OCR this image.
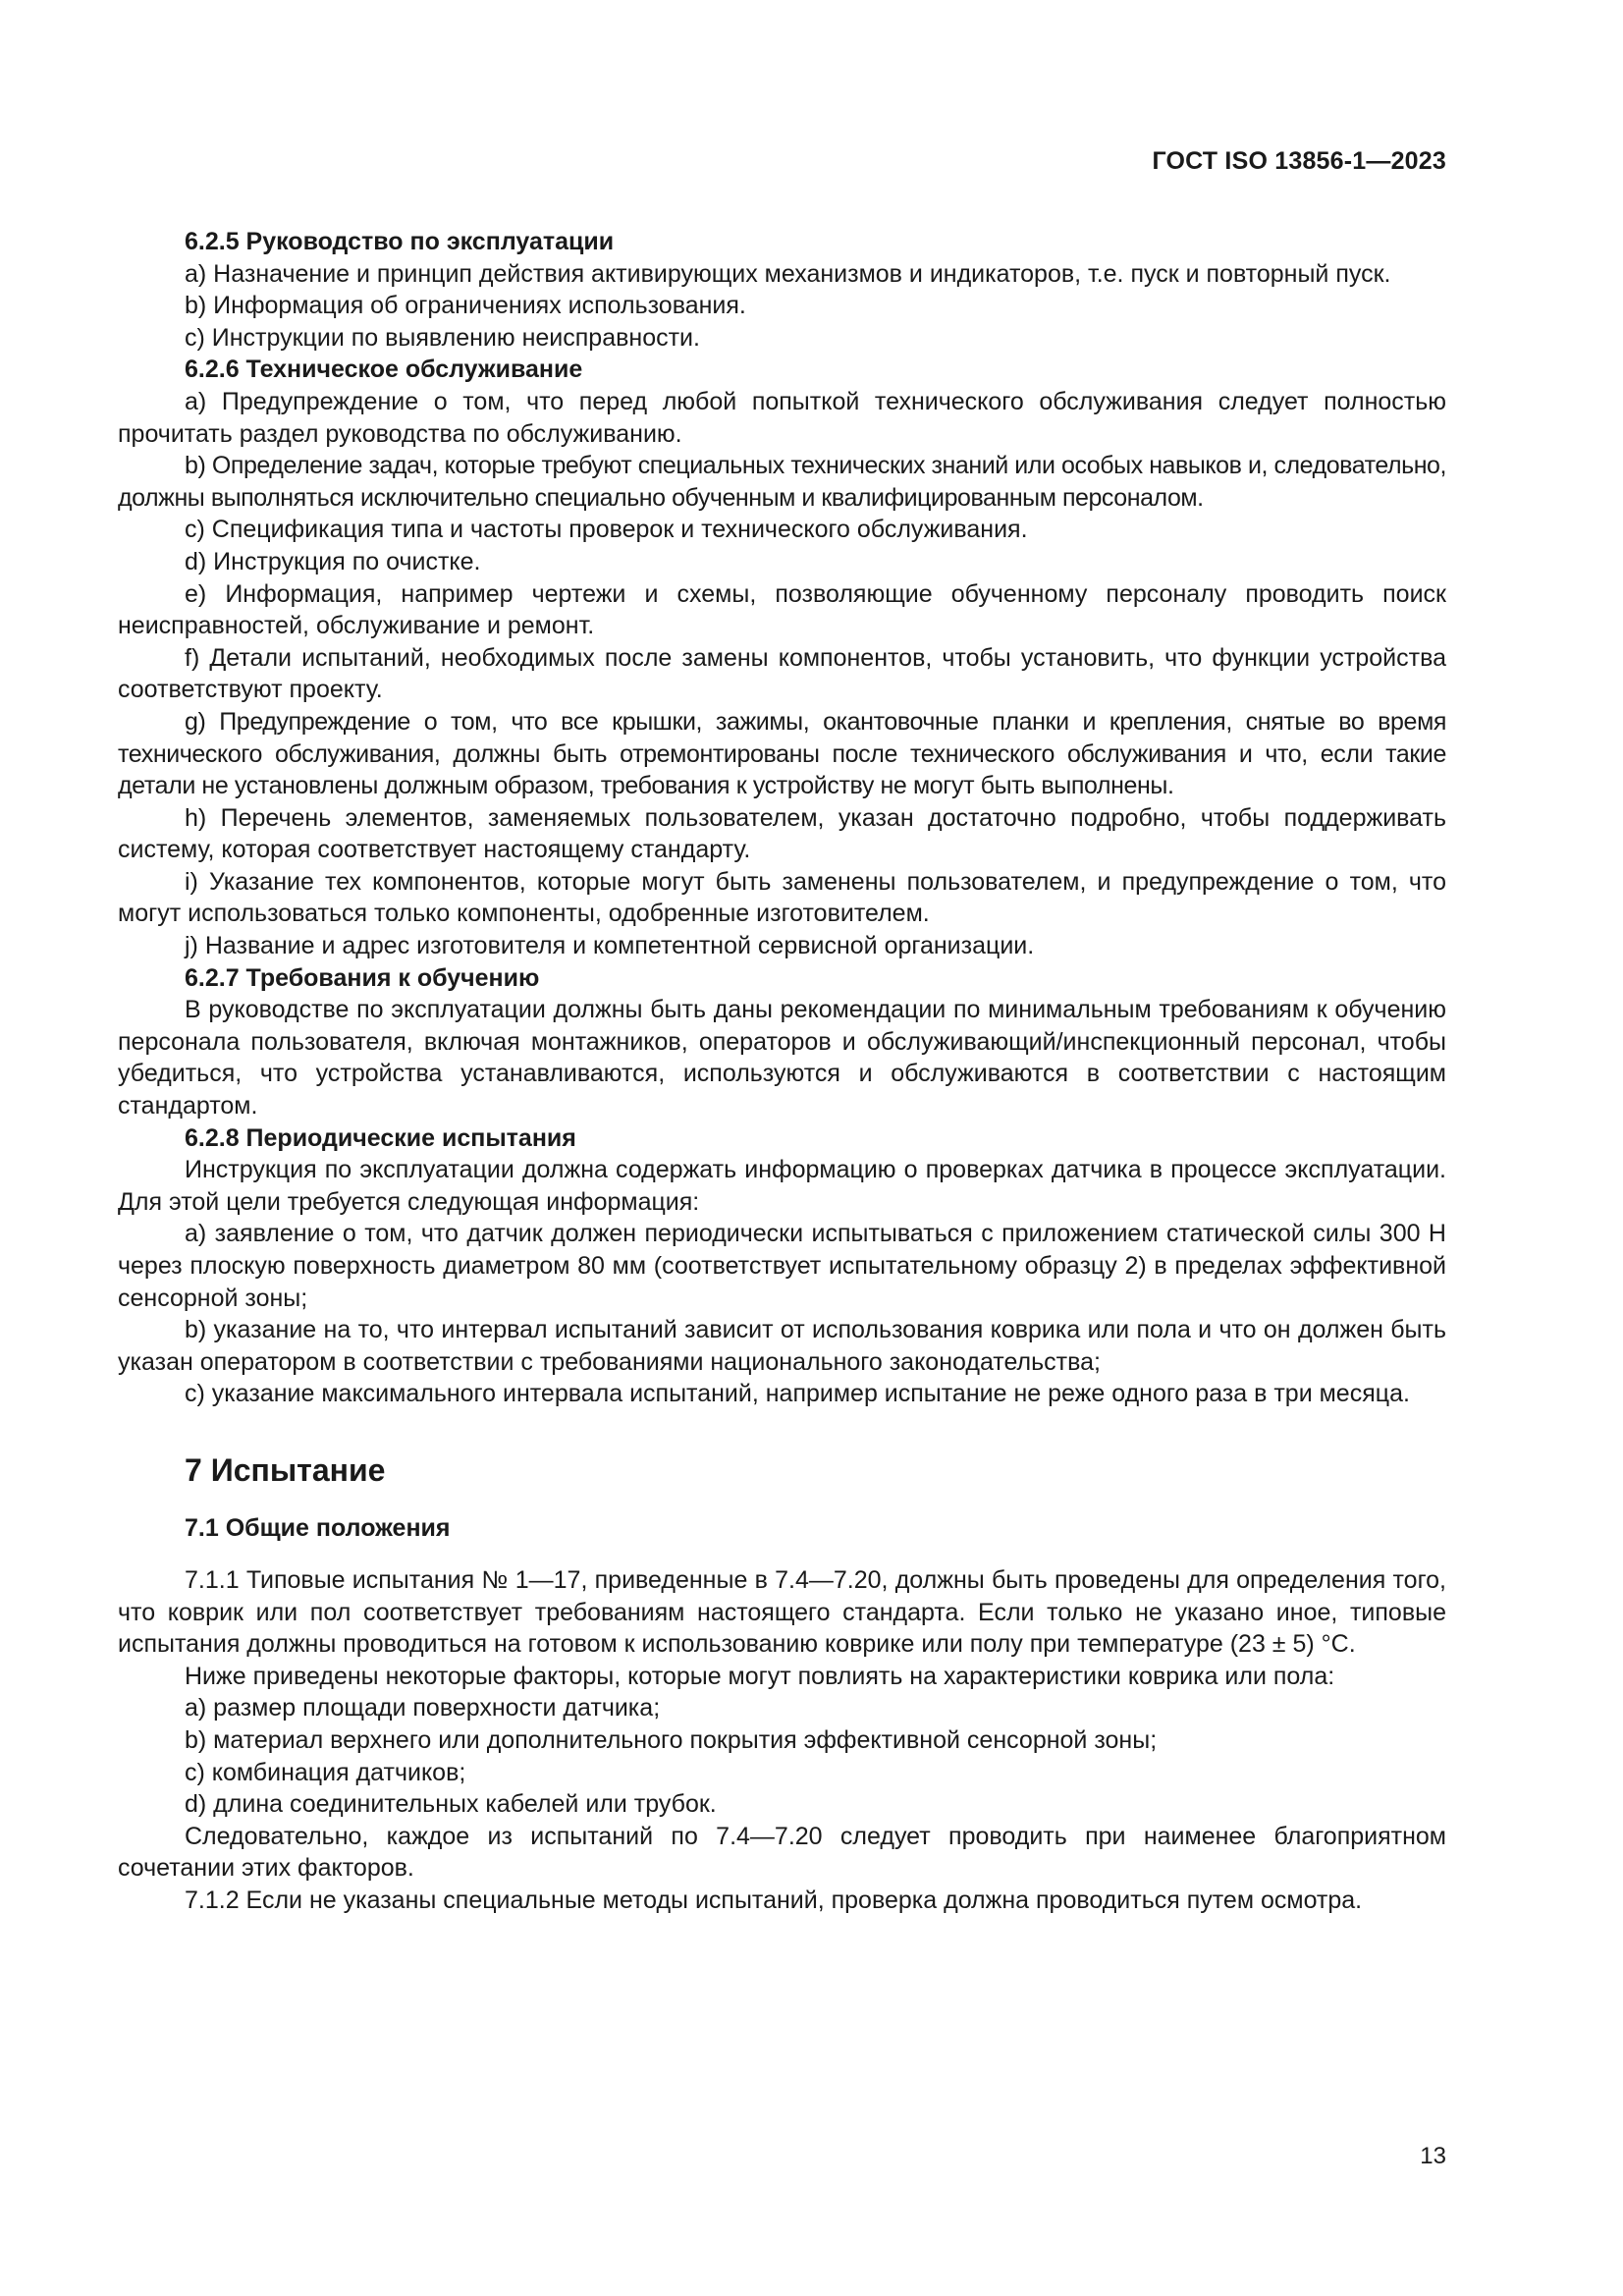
ГОСТ ISO 13856-1—2023

6.2.5 Руководство по эксплуатации

a) Назначение и принцип действия активирующих механизмов и индикаторов, т.е. пуск и повторный пуск.

b) Информация об ограничениях использования.

c) Инструкции по выявлению неисправности.

6.2.6 Техническое обслуживание

a) Предупреждение о том, что перед любой попыткой технического обслуживания следует полностью прочитать раздел руководства по обслуживанию.

b) Определение задач, которые требуют специальных технических знаний или особых навыков и, следовательно, должны выполняться исключительно специально обученным и квалифицированным персоналом.

c) Спецификация типа и частоты проверок и технического обслуживания.

d) Инструкция по очистке.

e) Информация, например чертежи и схемы, позволяющие обученному персоналу проводить поиск неисправностей, обслуживание и ремонт.

f) Детали испытаний, необходимых после замены компонентов, чтобы установить, что функции устройства соответствуют проекту.

g) Предупреждение о том, что все крышки, зажимы, окантовочные планки и крепления, снятые во время технического обслуживания, должны быть отремонтированы после технического обслуживания и что, если такие детали не установлены должным образом, требования к устройству не могут быть выполнены.

h) Перечень элементов, заменяемых пользователем, указан достаточно подробно, чтобы поддерживать систему, которая соответствует настоящему стандарту.

i) Указание тех компонентов, которые могут быть заменены пользователем, и предупреждение о том, что могут использоваться только компоненты, одобренные изготовителем.

j) Название и адрес изготовителя и компетентной сервисной организации.

6.2.7 Требования к обучению

В руководстве по эксплуатации должны быть даны рекомендации по минимальным требованиям к обучению персонала пользователя, включая монтажников, операторов и обслуживающий/инспекционный персонал, чтобы убедиться, что устройства устанавливаются, используются и обслуживаются в соответствии с настоящим стандартом.

6.2.8 Периодические испытания

Инструкция по эксплуатации должна содержать информацию о проверках датчика в процессе эксплуатации. Для этой цели требуется следующая информация:

a) заявление о том, что датчик должен периодически испытываться с приложением статической силы 300 Н через плоскую поверхность диаметром 80 мм (соответствует испытательному образцу 2) в пределах эффективной сенсорной зоны;

b) указание на то, что интервал испытаний зависит от использования коврика или пола и что он должен быть указан оператором в соответствии с требованиями национального законодательства;

c) указание максимального интервала испытаний, например испытание не реже одного раза в три месяца.

7 Испытание

7.1 Общие положения

7.1.1 Типовые испытания № 1—17, приведенные в 7.4—7.20, должны быть проведены для определения того, что коврик или пол соответствует требованиям настоящего стандарта. Если только не указано иное, типовые испытания должны проводиться на готовом к использованию коврике или полу при температуре (23 ± 5) °С.

Ниже приведены некоторые факторы, которые могут повлиять на характеристики коврика или пола:

a) размер площади поверхности датчика;

b) материал верхнего или дополнительного покрытия эффективной сенсорной зоны;

c) комбинация датчиков;

d) длина соединительных кабелей или трубок.

Следовательно, каждое из испытаний по 7.4—7.20 следует проводить при наименее благоприятном сочетании этих факторов.

7.1.2 Если не указаны специальные методы испытаний, проверка должна проводиться путем осмотра.

13
